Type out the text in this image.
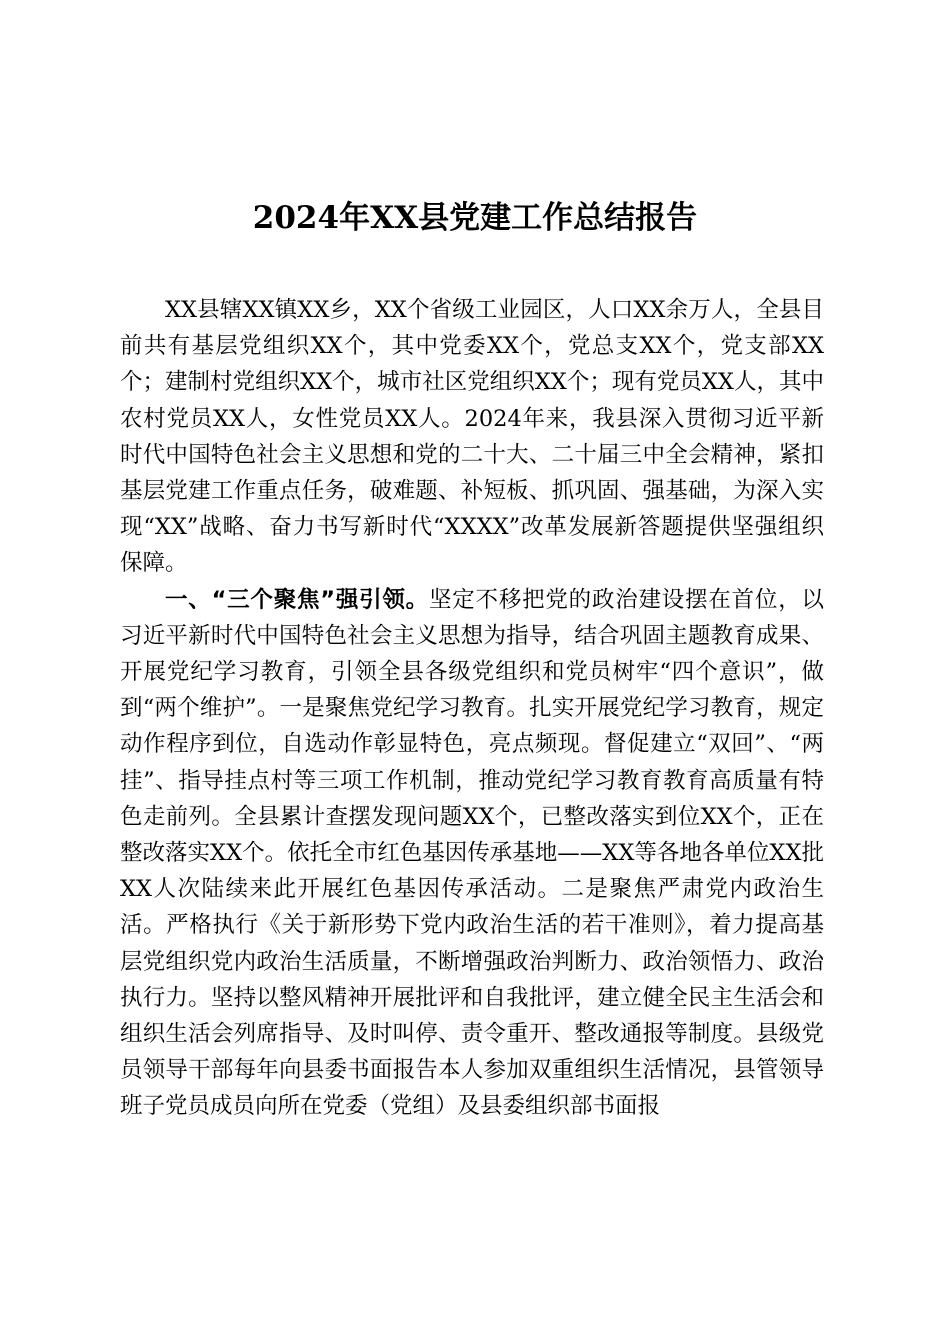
2024年XX县党建工作总结报告

XX县辖XX镇XX乡，XX个省级工业园区，人口XX余万人，全县目前共有基层党组织XX个，其中党委XX个，党总支XX个，党支部XX个；建制村党组织XX个，城市社区党组织XX个；现有党员XX人，其中农村党员XX人，女性党员XX人。2024年来，我县深入贯彻习近平新时代中国特色社会主义思想和党的二十大、二十届三中全会精神，紧扣基层党建工作重点任务，破难题、补短板、抓巩固、强基础，为深入实现“XX”战略、奋力书写新时代“XXXX”改革发展新答题提供坚强组织保障。

一、“三个聚焦”强引领。坚定不移把党的政治建设摆在首位，以习近平新时代中国特色社会主义思想为指导，结合巩固主题教育成果、开展党纪学习教育，引领全县各级党组织和党员树牢“四个意识”，做到“两个维护”。一是聚焦党纪学习教育。扎实开展党纪学习教育，规定动作程序到位，自选动作彰显特色，亮点频现。督促建立“双回”、“两挂”、指导挂点村等三项工作机制，推动党纪学习教育教育高质量有特色走前列。全县累计查摆发现问题XX个，已整改落实到位XX个，正在整改落实XX个。依托全市红色基因传承基地——XX等各地各单位XX批XX人次陆续来此开展红色基因传承活动。二是聚焦严肃党内政治生活。严格执行《关于新形势下党内政治生活的若干准则》，着力提高基层党组织党内政治生活质量，不断增强政治判断力、政治领悟力、政治执行力。坚持以整风精神开展批评和自我批评，建立健全民主生活会和组织生活会列席指导、及时叫停、责令重开、整改通报等制度。县级党员领导干部每年向县委书面报告本人参加双重组织生活情况，县管领导班子党员成员向所在党委（党组）及县委组织部书面报
